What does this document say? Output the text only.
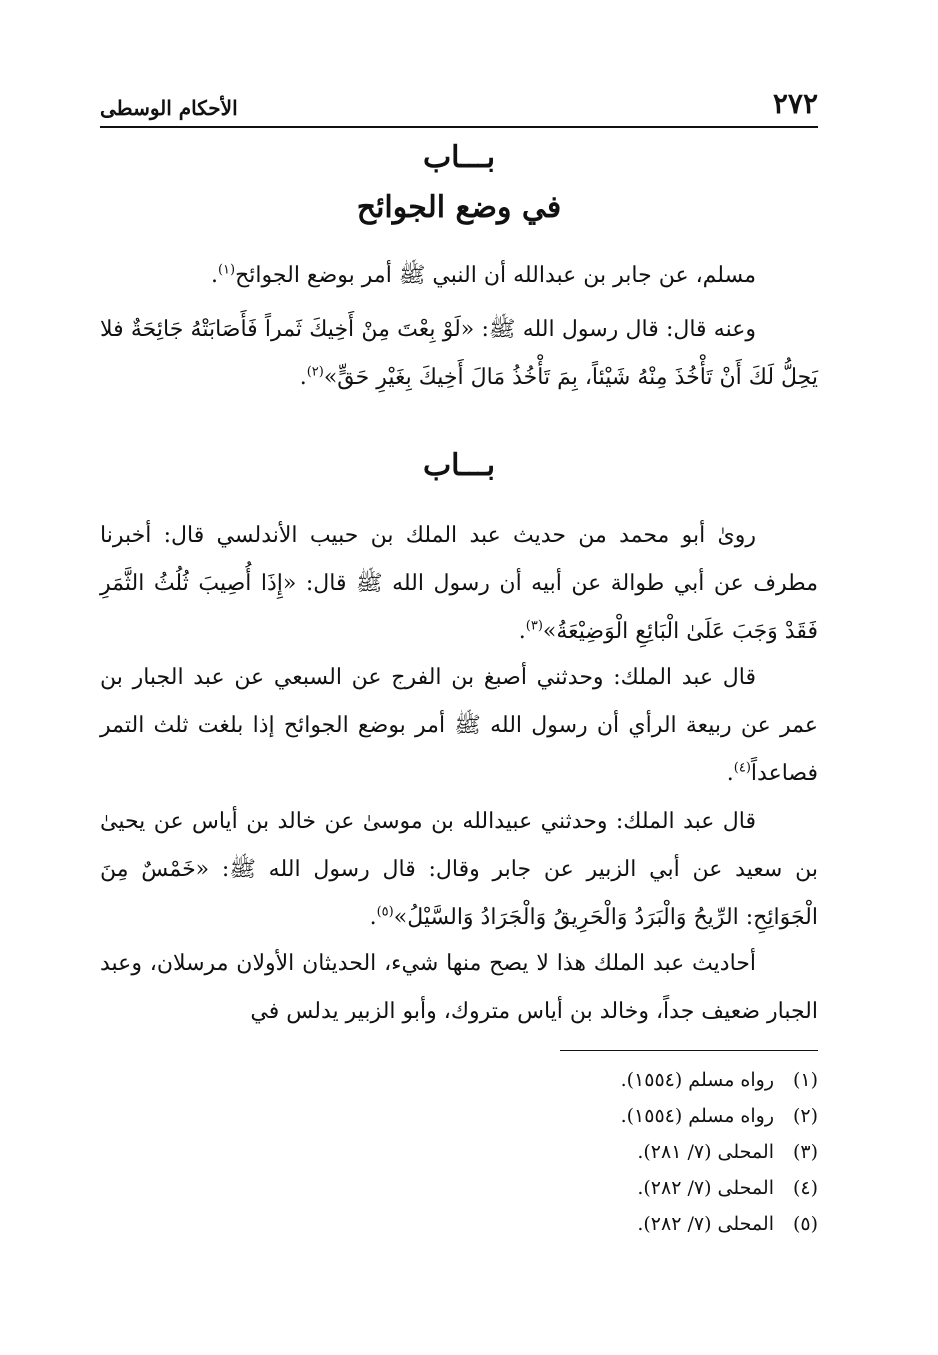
٢٧٢
الأحكام الوسطى
بـــاب
في وضع الجوائح

مسلم، عن جابر بن عبدالله أن النبي ﷺ أمر بوضع الجوائح$^{(١)}$.

وعنه قال: قال رسول الله ﷺ: «لَوْ بِعْتَ مِنْ أَخِيكَ ثَمراً فَأَصَابَتْهُ جَائِحَةٌ فلا يَحِلُّ لَكَ أَنْ تَأْخُذَ مِنْهُ شَيْئاً، بِمَ تَأْخُذُ مَالَ أَخِيكَ بِغَيْرِ حَقٍّ»$^{(٢)}$.

بـــاب

روىٰ أبو محمد من حديث عبد الملك بن حبيب الأندلسي قال: أخبرنا مطرف عن أبي طوالة عن أبيه أن رسول الله ﷺ قال: «إِذَا أُصِيبَ ثُلُثُ الثَّمَرِ فَقَدْ وَجَبَ عَلَىٰ الْبَائِعِ الْوَضِيْعَةُ»$^{(٣)}$.

قال عبد الملك: وحدثني أصبغ بن الفرج عن السبعي عن عبد الجبار بن عمر عن ربيعة الرأي أن رسول الله ﷺ أمر بوضع الجوائح إذا بلغت ثلث التمر فصاعداً$^{(٤)}$.

قال عبد الملك: وحدثني عبيدالله بن موسىٰ عن خالد بن أياس عن يحيىٰ بن سعيد عن أبي الزبير عن جابر وقال: قال رسول الله ﷺ: «خَمْسٌ مِنَ الْجَوَائِحِ: الرِّيحُ وَالْبَرَدُ وَالْحَرِيقُ وَالْجَرَادُ وَالسَّيْلُ»$^{(٥)}$.

أحاديث عبد الملك هذا لا يصح منها شيء، الحديثان الأولان مرسلان، وعبد الجبار ضعيف جداً، وخالد بن أياس متروك، وأبو الزبير يدلس في

(١)
رواه مسلم (١٥٥٤).
(٢)
رواه مسلم (١٥٥٤).
(٣)
المحلى (٧/ ٢٨١).
(٤)
المحلى (٧/ ٢٨٢).
(٥)
المحلى (٧/ ٢٨٢).
